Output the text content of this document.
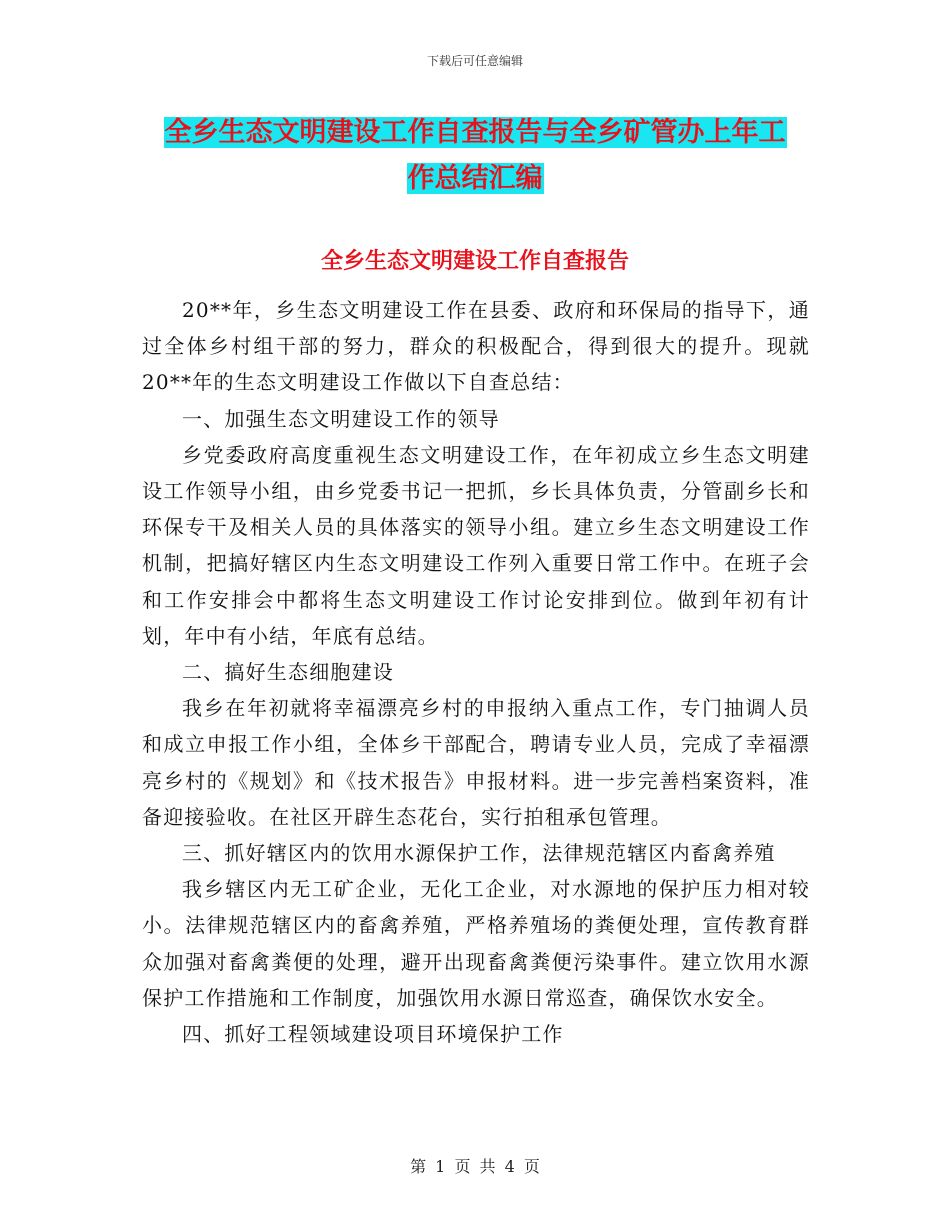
下载后可任意编辑
全乡生态文明建设工作自查报告与全乡矿管办上年工
作总结汇编
全乡生态文明建设工作自查报告

20**年，乡生态文明建设工作在县委、政府和环保局的指导下，通过全体乡村组干部的努力，群众的积极配合，得到很大的提升。现就20**年的生态文明建设工作做以下自查总结：

一、加强生态文明建设工作的领导

乡党委政府高度重视生态文明建设工作，在年初成立乡生态文明建设工作领导小组，由乡党委书记一把抓，乡长具体负责，分管副乡长和环保专干及相关人员的具体落实的领导小组。建立乡生态文明建设工作机制，把搞好辖区内生态文明建设工作列入重要日常工作中。在班子会和工作安排会中都将生态文明建设工作讨论安排到位。做到年初有计划，年中有小结，年底有总结。

二、搞好生态细胞建设

我乡在年初就将幸福漂亮乡村的申报纳入重点工作，专门抽调人员和成立申报工作小组，全体乡干部配合，聘请专业人员，完成了幸福漂亮乡村的《规划》和《技术报告》申报材料。进一步完善档案资料，准备迎接验收。在社区开辟生态花台，实行拍租承包管理。

三、抓好辖区内的饮用水源保护工作，法律规范辖区内畜禽养殖

我乡辖区内无工矿企业，无化工企业，对水源地的保护压力相对较小。法律规范辖区内的畜禽养殖，严格养殖场的粪便处理，宣传教育群众加强对畜禽粪便的处理，避开出现畜禽粪便污染事件。建立饮用水源保护工作措施和工作制度，加强饮用水源日常巡查，确保饮水安全。

四、抓好工程领域建设项目环境保护工作

第 1 页 共 4 页
